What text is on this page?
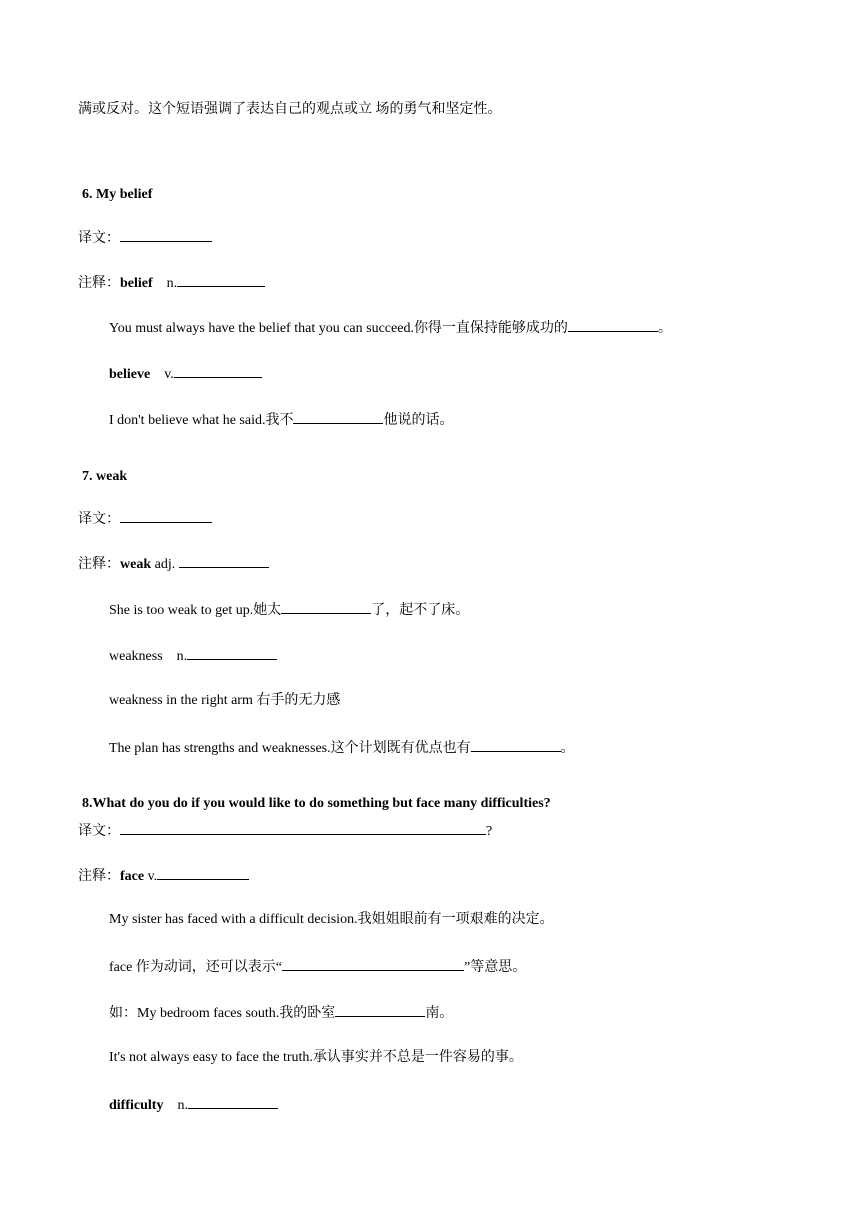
满或反对。这个短语强调了表达自己的观点或立 场的勇气和坚定性。
6. My belief
译文：
注释：belief n.
You must always have the belief that you can succeed.你得一直保持能够成功的	。
believe v.
I don't believe what he said.我不	他说的话。
7. weak
译文：
注释：weak adj.
She is too weak to get up.她太	了，起不了床。
weakness n.
weakness in the right arm 右手的无力感
The plan has strengths and weaknesses.这个计划既有优点也有	。
8.What do you do if you would like to do something but face many difficulties?
译文：	?
注释：face v.
My sister has faced with a difficult decision.我姐姐眼前有一项艰难的决定。
face 作为动词，还可以表示“	”等意思。
如：My bedroom faces south.我的卧室	南。
It's not always easy to face the truth.承认事实并不总是一件容易的事。
difficulty n.
